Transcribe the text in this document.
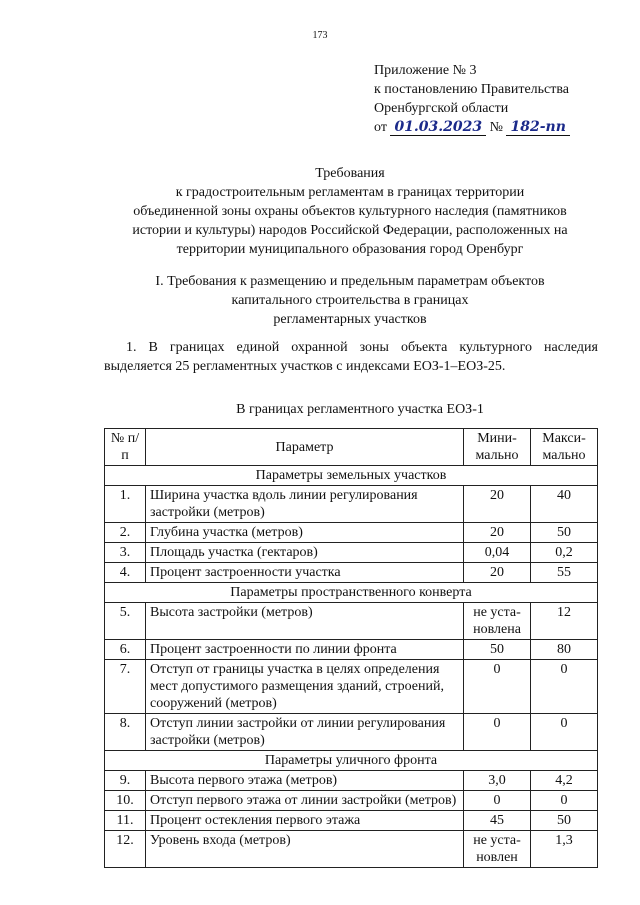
173
Приложение № 3
к постановлению Правительства
Оренбургской области
от 01.03.2023 № 182-пп
Требования
к градостроительным регламентам в границах территории
объединенной зоны охраны объектов культурного наследия (памятников
истории и культуры) народов Российской Федерации, расположенных на
территории муниципального образования город Оренбург
I. Требования к размещению и предельным параметрам объектов
капитального строительства в границах
регламентарных участков
1. В границах единой охранной зоны объекта культурного наследия выделяется 25 регламентных участков с индексами ЕОЗ-1–ЕОЗ-25.
В границах регламентного участка ЕОЗ-1
№ п/п	Параметр	Мини-мально	Макси-мально
Параметры земельных участков			
1.	Ширина участка вдоль линии регулирования застройки (метров)	20	40
2.	Глубина участка (метров)	20	50
3.	Площадь участка (гектаров)	0,04	0,2
4.	Процент застроенности участка	20	55
Параметры пространственного конверта			
5.	Высота застройки (метров)	не уста-новлена	12
6.	Процент застроенности по линии фронта	50	80
7.	Отступ от границы участка в целях определения мест допустимого размещения зданий, строений, сооружений (метров)	0	0
8.	Отступ линии застройки от линии регулирования застройки (метров)	0	0
Параметры уличного фронта			
9.	Высота первого этажа (метров)	3,0	4,2
10.	Отступ первого этажа от линии застройки (метров)	0	0
11.	Процент остекления первого этажа	45	50
12.	Уровень входа (метров)	не уста-новлен	1,3
